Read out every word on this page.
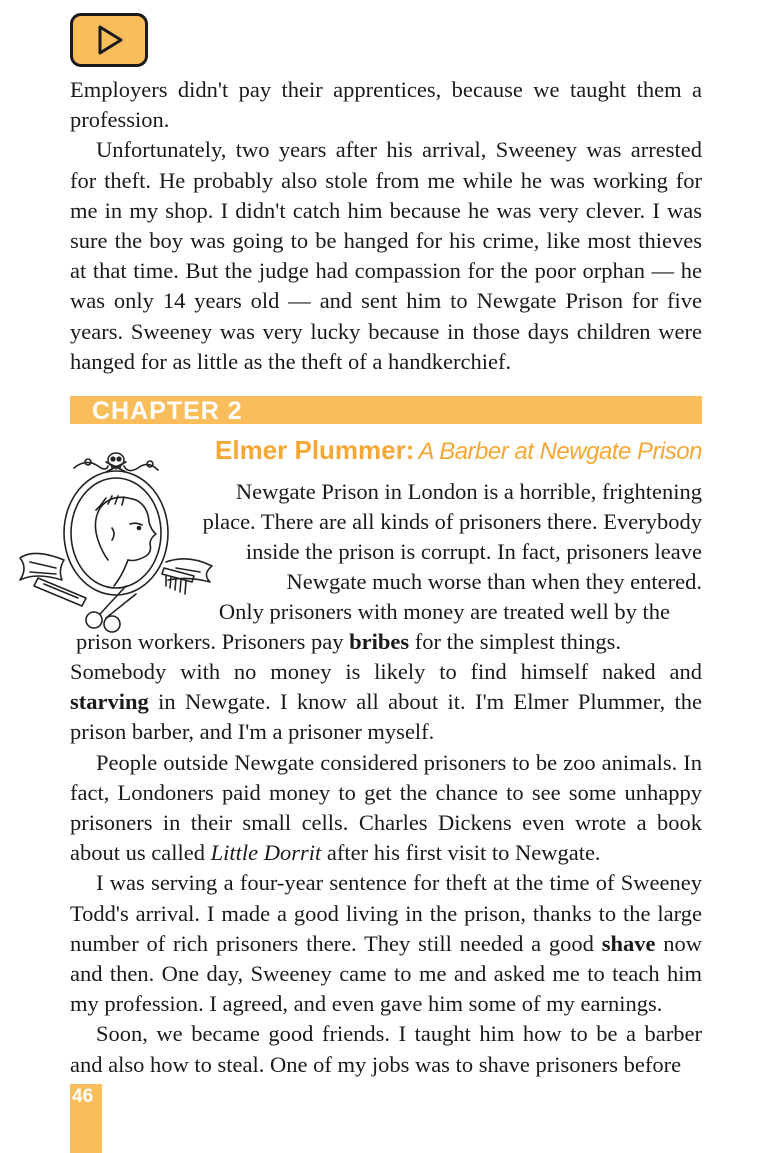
Employers didn't pay their apprentices, because we taught them a profession.

Unfortunately, two years after his arrival, Sweeney was arrested for theft. He probably also stole from me while he was working for me in my shop. I didn't catch him because he was very clever. I was sure the boy was going to be hanged for his crime, like most thieves at that time. But the judge had compassion for the poor orphan — he was only 14 years old — and sent him to Newgate Prison for five years. Sweeney was very lucky because in those days children were hanged for as little as the theft of a handkerchief.

CHAPTER 2
Elmer Plummer: A Barber at Newgate Prison
Newgate Prison in London is a horrible, frightening
place. There are all kinds of prisoners there. Everybody
inside the prison is corrupt. In fact, prisoners leave
Newgate much worse than when they entered.
Only prisoners with money are treated well by the
prison workers. Prisoners pay bribes for the simplest things.

Somebody with no money is likely to find himself naked and starving in Newgate. I know all about it. I'm Elmer Plummer, the prison barber, and I'm a prisoner myself.

People outside Newgate considered prisoners to be zoo animals. In fact, Londoners paid money to get the chance to see some unhappy prisoners in their small cells. Charles Dickens even wrote a book about us called Little Dorrit after his first visit to Newgate.

I was serving a four-year sentence for theft at the time of Sweeney Todd's arrival. I made a good living in the prison, thanks to the large number of rich prisoners there. They still needed a good shave now and then. One day, Sweeney came to me and asked me to teach him my profession. I agreed, and even gave him some of my earnings.

Soon, we became good friends. I taught him how to be a barber and also how to steal. One of my jobs was to shave prisoners before

46
